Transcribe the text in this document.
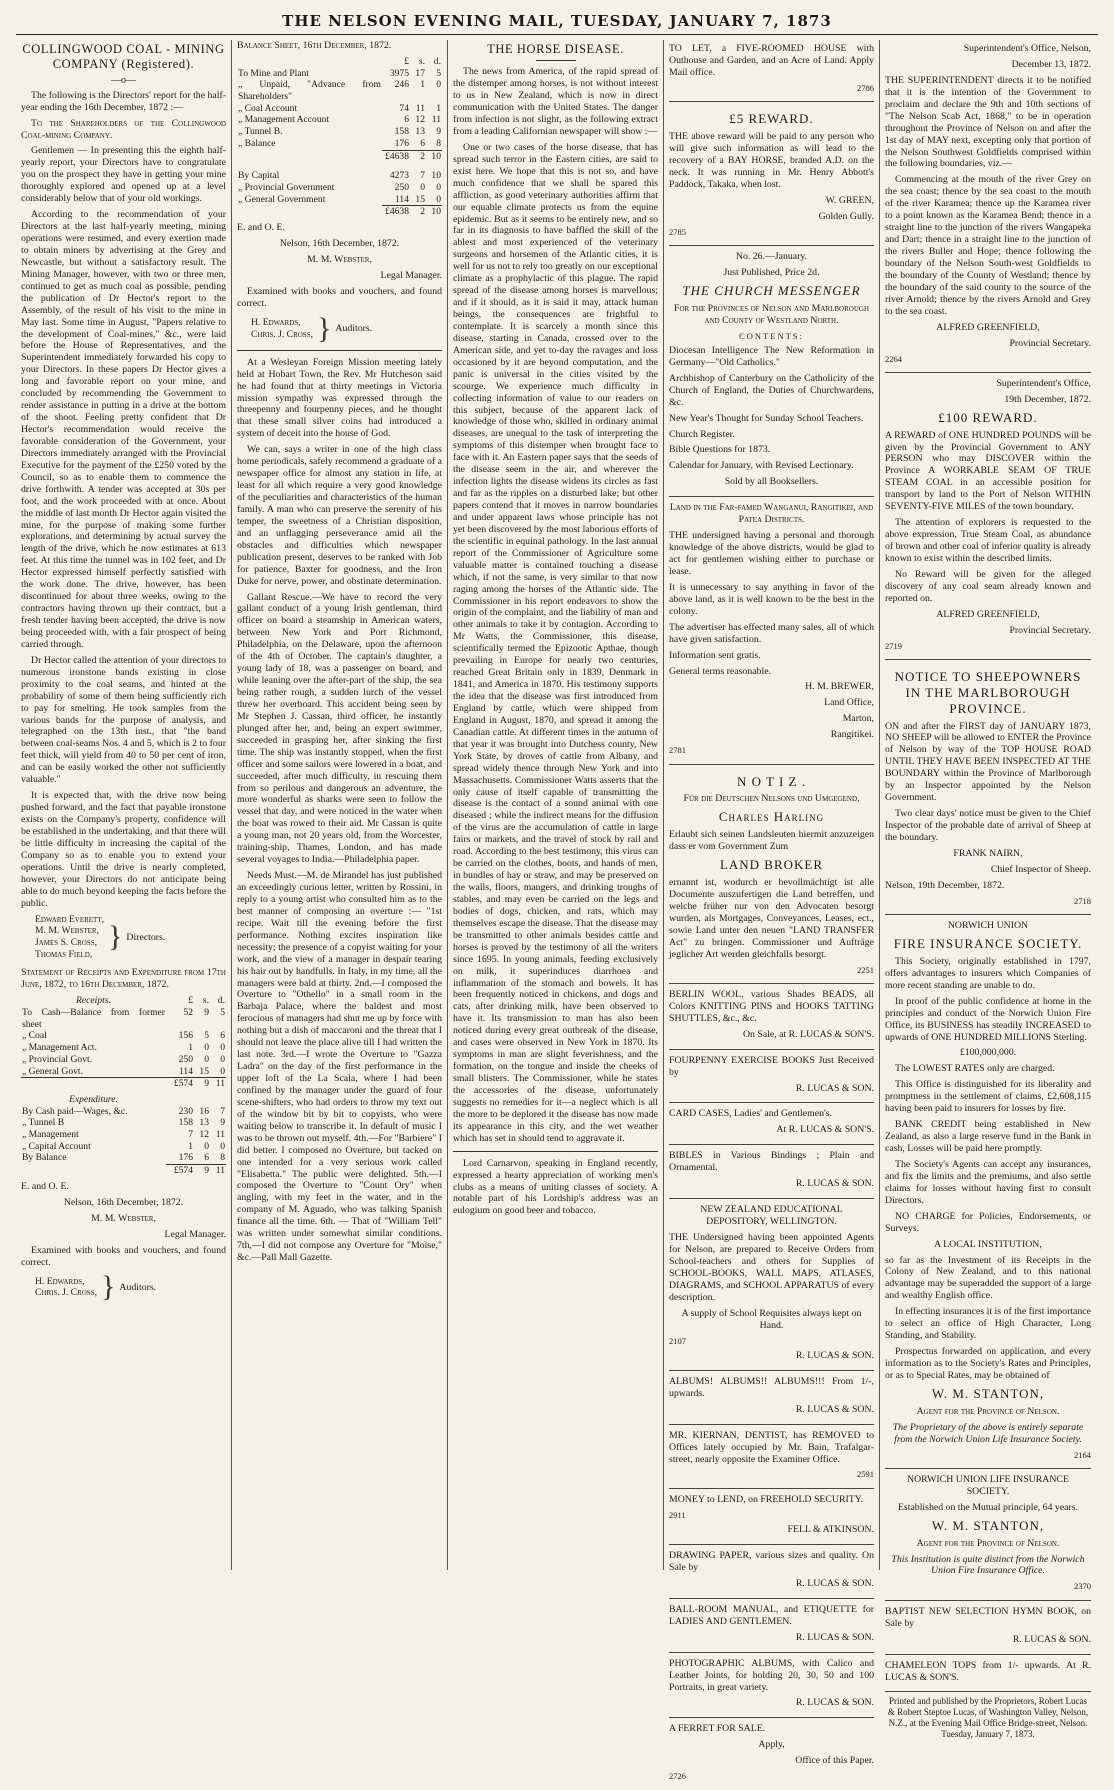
THE NELSON EVENING MAIL, TUESDAY, JANUARY 7, 1873
COLLINGWOOD COAL - MINING COMPANY (Registered).
—o—

The following is the Directors' report for the half-year ending the 16th December, 1872 :—

To the Shareholders of the Collingwood Coal-mining Company.

Gentlemen — In presenting this the eighth half-yearly report, your Directors have to congratulate you on the prospect they have in getting your mine thoroughly explored and opened up at a level considerably below that of your old workings.

According to the recommendation of your Directors at the last half-yearly meeting, mining operations were resumed, and every exertion made to obtain miners by advertising at the Grey and Newcastle, but without a satisfactory result. The Mining Manager, however, with two or three men, continued to get as much coal as possible, pending the publication of Dr Hector's report to the Assembly, of the result of his visit to the mine in May last. Some time in August, "Papers relative to the development of Coal-mines," &c., were laid before the House of Representatives, and the Superintendent immediately forwarded his copy to your Directors. In these papers Dr Hector gives a long and favorable report on your mine, and concluded by recommending the Government to render assistance in putting in a drive at the bottom of the shoot. Feeling pretty confident that Dr Hector's recommendation would receive the favorable consideration of the Government, your Directors immediately arranged with the Provincial Executive for the payment of the £250 voted by the Council, so as to enable them to commence the drive forthwith. A tender was accepted at 30s per foot, and the work proceeded with at once. About the middle of last month Dr Hector again visited the mine, for the purpose of making some further explorations, and determining by actual survey the length of the drive, which he now estimates at 613 feet. At this time the tunnel was in 102 feet, and Dr Hector expressed himself perfectly satisfied with the work done. The drive, however, has been discontinued for about three weeks, owing to the contractors having thrown up their contract, but a fresh tender having been accepted, the drive is now being proceeded with, with a fair prospect of being carried through.

Dr Hector called the attention of your directors to numerous ironstone bands existing in close proximity to the coal seams, and hinted at the probability of some of them being sufficiently rich to pay for smelting. He took samples from the various bands for the purpose of analysis, and telegraphed on the 13th inst., that "the band between coal-seams Nos. 4 and 5, which is 2 to four feet thick, will yield from 40 to 50 per cent of iron, and can be easily worked the other not sufficiently valuable."

It is expected that, with the drive now being pushed forward, and the fact that payable ironstone exists on the Company's property, confidence will be established in the undertaking, and that there will be little difficulty in increasing the capital of the Company so as to enable you to extend your operations. Until the drive is nearly completed, however, your Directors do not anticipate being able to do much beyond keeping the facts before the public.

Edward Everett,
M. M. Webster,
James S. Cross,
Thomas Field,
} Directors.

Statement of Receipts and Expenditure from 17th June, 1872, to 16th December, 1872.

Receipts.	£	s.	d.
To Cash—Balance from former sheet	52	9	5
„ Coal	156	5	6
„ Management Act.	1	0	0
„ Provincial Govt.	250	0	0
„ General Govt.	114	15	0
	£574	9	11
Expenditure.			
By Cash paid—Wages, &c.	230	16	7
„ Tunnel B	158	13	9
„ Management	7	12	11
„ Capital Account	1	0	0
By Balance	176	6	8
	£574	9	11

E. and O. E.

Nelson, 16th December, 1872.

M. M. Webster,

Legal Manager.

Examined with books and vouchers, and found correct.

H. Edwards,
Chris. J. Cross, } Auditors.

Balance Sheet, 16th December, 1872.

	£	s.	d.
To Mine and Plant	3975	17	5
„ Unpaid, "Advance from Shareholders"	246	1	0
„ Coal Account	74	11	1
„ Management Account	6	12	11
„ Tunnel B.	158	13	9
„ Balance	176	6	8
	£4638	2	10

By Capital	4273	7	10
„ Provincial Government	250	0	0
„ General Government	114	15	0
	£4638	2	10

E. and O. E.

Nelson, 16th December, 1872.

M. M. Webster,

Legal Manager.

Examined with books and vouchers, and found correct.

H. Edwards,
Chris. J. Cross, } Auditors.

At a Wesleyan Foreign Mission meeting lately held at Hobart Town, the Rev. Mr Hutcheson said he had found that at thirty meetings in Victoria mission sympathy was expressed through the threepenny and fourpenny pieces, and he thought that these small silver coins had introduced a system of deceit into the house of God.

We can, says a writer in one of the high class home periodicals, safely recommend a graduate of a newspaper office for almost any station in life, at least for all which require a very good knowledge of the peculiarities and characteristics of the human family. A man who can preserve the serenity of his temper, the sweetness of a Christian disposition, and an unflagging perseverance amid all the obstacles and difficulties which newspaper publication present, deserves to be ranked with Job for patience, Baxter for goodness, and the Iron Duke for nerve, power, and obstinate determination.

Gallant Rescue.—We have to record the very gallant conduct of a young Irish gentleman, third officer on board a steamship in American waters, between New York and Port Richmond, Philadelphia, on the Delaware, upon the afternoon of the 4th of October. The captain's daughter, a young lady of 18, was a passenger on board, and while leaning over the after-part of the ship, the sea being rather rough, a sudden lurch of the vessel threw her overboard. This accident being seen by Mr Stephen J. Cassan, third officer, he instantly plunged after her, and, being an expert swimmer, succeeded in grasping her, after sinking the first time. The ship was instantly stopped, when the first officer and some sailors were lowered in a boat, and succeeded, after much difficulty, in rescuing them from so perilous and dangerous an adventure, the more wonderful as sharks were seen to follow the vessel that day, and were noticed in the water when the boat was rowed to their aid. Mr Cassan is quite a young man, not 20 years old, from the Worcester, training-ship, Thames, London, and has made several voyages to India.—Philadelphia paper.

Needs Must.—M. de Mirandel has just published an exceedingly curious letter, written by Rossini, in reply to a young artist who consulted him as to the best manner of composing an overture :— "1st recipe. Wait till the evening before the first performance. Nothing excites inspiration like necessity; the presence of a copyist waiting for your work, and the view of a manager in despair tearing his hair out by handfulls. In Italy, in my time, all the managers were bald at thirty. 2nd.—I composed the Overture to "Othello" in a small room in the Barbaja Palace, where the baldest and most ferocious of managers had shut me up by force with nothing but a dish of maccaroni and the threat that I should not leave the place alive till I had written the last note. 3rd.—I wrote the Overture to "Gazza Ladra" on the day of the first performance in the upper loft of the La Scala, where I had been confined by the manager under the guard of four scene-shifters, who had orders to throw my text out of the window bit by bit to copyists, who were waiting below to transcribe it. In default of music I was to be thrown out myself. 4th.—For "Barbiere" I did better. I composed no Overture, but tacked on one intended for a very serious work called "Elisabetta." The public were delighted. 5th.—I composed the Overture to "Count Ory" when angling, with my feet in the water, and in the company of M. Aguado, who was talking Spanish finance all the time. 6th. — That of "William Tell" was written under somewhat similar conditions. 7th,—I did not compose any Overture for "Moïse," &c.—Pall Mall Gazette.

THE HORSE DISEASE.

The news from America, of the rapid spread of the distemper among horses, is not without interest to us in New Zealand, which is now in direct communication with the United States. The danger from infection is not slight, as the following extract from a leading Californian newspaper will show :—

One or two cases of the horse disease, that has spread such terror in the Eastern cities, are said to exist here. We hope that this is not so, and have much confidence that we shall be spared this affliction, as good veterinary authorities affirm that our equable climate protects us from the equine epidemic. But as it seems to be entirely new, and so far in its diagnosis to have baffled the skill of the ablest and most experienced of the veterinary surgeons and horsemen of the Atlantic cities, it is well for us not to rely too greatly on our exceptional climate as a prophylactic of this plague. The rapid spread of the disease among horses is marvellous; and if it should, as it is said it may, attack human beings, the consequences are frightful to contemplate. It is scarcely a month since this disease, starting in Canada, crossed over to the American side, and yet to-day the ravages and loss occasioned by it are beyond computation, and the panic is universal in the cities visited by the scourge. We experience much difficulty in collecting information of value to our readers on this subject, because of the apparent lack of knowledge of those who, skilled in ordinary animal diseases, are unequal to the task of interpreting the symptoms of this distemper when brought face to face with it. An Eastern paper says that the seeds of the disease seem in the air, and wherever the infection lights the disease widens its circles as fast and far as the ripples on a disturbed lake; but other papers contend that it moves in narrow boundaries and under apparent laws whose principle has not yet been discovered by the most laborious efforts of the scientific in equinal pathology. In the last annual report of the Commissioner of Agriculture some valuable matter is contained touching a disease which, if not the same, is very similar to that now raging among the horses of the Atlantic side. The Commissioner in his report endeavors to show the origin of the complaint, and the liability of man and other animals to take it by contagion. According to Mr Watts, the Commissioner, this disease, scientifically termed the Epizootic Apthae, though prevailing in Europe for nearly two centuries, reached Great Britain only in 1839, Denmark in 1841, and America in 1870. His testimony supports the idea that the disease was first introduced from England by cattle, which were shipped from England in August, 1870, and spread it among the Canadian cattle. At different times in the autumn of that year it was brought into Dutchess county, New York State, by droves of cattle from Albany, and spread widely thence through New York and into Massachusetts. Commissioner Watts asserts that the only cause of itself capable of transmitting the disease is the contact of a sound animal with one diseased ; while the indirect means for the diffusion of the virus are the accumulation of cattle in large fairs or markets, and the travel of stock by rail and road. According to the best testimony, this virus can be carried on the clothes, boots, and hands of men, in bundles of hay or straw, and may be preserved on the walls, floors, mangers, and drinking troughs of stables, and may even be carried on the legs and bodies of dogs, chicken, and rats, which may themselves escape the disease. That the disease may be transmitted to other animals besides cattle and horses is proved by the testimony of all the writers since 1695. In young animals, feeding exclusively on milk, it superinduces diarrhoea and inflammation of the stomach and bowels. It has been frequently noticed in chickens, and dogs and cats, after drinking milk, have been observed to have it. Its transmission to man has also been noticed during every great outbreak of the disease, and cases were observed in New York in 1870. Its symptoms in man are slight feverishness, and the formation, on the tongue and inside the cheeks of small blisters. The Commissioner, while he states the accessories of the disease, unfortunately suggests no remedies for it—a neglect which is all the more to be deplored it the disease has now made its appearance in this city, and the wet weather which has set in should tend to aggravate it.

Lord Carnarvon, speaking in England recently, expressed a hearty appreciation of working men's clubs as a means of uniting classes of society. A notable part of his Lordship's address was an eulogium on good beer and tobacco.

TO LET, a FIVE-ROOMED HOUSE with Outhouse and Garden, and an Acre of Land. Apply Mail office.

2786

£5 REWARD.

THE above reward will be paid to any person who will give such information as will lead to the recovery of a BAY HORSE, branded A.D. on the neck. It was running in Mr. Henry Abbott's Paddock, Takaka, when lost.

W. GREEN,

Golden Gully.

2785

No. 26.—January.

Just Published, Price 2d.

THE CHURCH MESSENGER

For the Provinces of Nelson and Marlborough and County of Westland North.

CONTENTS:

Diocesan Intelligence The New Reformation in Germany—"Old Catholics."

Archbishop of Canterbury on the Catholicity of the Church of England, the Duties of Churchwardens, &c.

New Year's Thought for Sunday School Teachers.

Church Register.

Bible Questions for 1873.

Calendar for January, with Revised Lectionary.

Sold by all Booksellers.

Land in the Far-famed Wanganui, Rangitikei, and Patea Districts.

THE undersigned having a personal and thorough knowledge of the above districts, would be glad to act for gentlemen wishing either to purchase or lease.

It is unnecessary to say anything in favor of the above land, as it is well known to be the best in the colony.

The advertiser has effected many sales, all of which have given satisfaction.

Information sent gratis.

General terms reasonable.

H. M. BREWER,

Land Office,

Marton,

Rangitikei.

2781

N O T I Z .

Für die Deutschen Nelsons und Umgegend,

Charles Harling

Erlaubt sich seinen Landsleuten hiermit anzuzeigen dass er vom Government Zum

LAND BROKER

ernannt ist, wodurch er bevollmächtigt ist alle Documente auszufertigen die Land betreffen, und welche früher nur von den Advocaten besorgt wurden, als Mortgages, Conveyances, Leases, ect., sowie Land unter den neuen "LAND TRANSFER Act" zu bringen. Commissioner und Aufträge jeglicher Art werden gleichfalls besorgt.

2251

BERLIN WOOL, various Shades BEADS, all Colors KNITTING PINS and HOOKS TATTING SHUTTLES, &c., &c.

On Sale, at R. LUCAS & SON'S.

FOURPENNY EXERCISE BOOKS Just Received by

R. LUCAS & SON.

CARD CASES, Ladies' and Gentlemen's.

At R. LUCAS & SON'S.

BIBLES in Various Bindings ; Plain and Ornamental.

R. LUCAS & SON.

NEW ZEALAND EDUCATIONAL DEPOSITORY, WELLINGTON.

THE Undersigned having been appointed Agents for Nelson, are prepared to Receive Orders from School-teachers and others for Supplies of SCHOOL-BOOKS, WALL MAPS, ATLASES, DIAGRAMS, and SCHOOL APPARATUS of every description.

A supply of School Requisites always kept on Hand.

2107

R. LUCAS & SON.

ALBUMS! ALBUMS!! ALBUMS!!! From 1/-, upwards.

R. LUCAS & SON.

MR. KIERNAN, DENTIST, has REMOVED to Offices lately occupied by Mr. Bain, Trafalgar-street, nearly opposite the Examiner Office.

2591

MONEY to LEND, on FREEHOLD SECURITY.

2911

FELL & ATKINSON.

DRAWING PAPER, various sizes and quality. On Sale by

R. LUCAS & SON.

BALL-ROOM MANUAL, and ETIQUETTE for LADIES AND GENTLEMEN.

R. LUCAS & SON.

PHOTOGRAPHIC ALBUMS, with Calico and Leather Joints, for holding 20, 30, 50 and 100 Portraits, in great variety.

R. LUCAS & SON.

A FERRET FOR SALE.

Apply,

Office of this Paper.

2726

Superintendent's Office, Nelson,

December 13, 1872.

THE SUPERINTENDENT directs it to be notified that it is the intention of the Government to proclaim and declare the 9th and 10th sections of "The Nelson Scab Act, 1868," to be in operation throughout the Province of Nelson on and after the 1st day of MAY next, excepting only that portion of the Nelson Southwest Goldfields comprised within the following boundaries, viz.—

Commencing at the mouth of the river Grey on the sea coast; thence by the sea coast to the mouth of the river Karamea; thence up the Karamea river to a point known as the Karamea Bend; thence in a straight line to the junction of the rivers Wangapeka and Dart; thence in a straight line to the junction of the rivers Buller and Hope; thence following the boundary of the Nelson South-west Goldfields to the boundary of the County of Westland; thence by the boundary of the said county to the source of the river Arnold; thence by the rivers Arnold and Grey to the sea coast.

ALFRED GREENFIELD,

Provincial Secretary.

2264

Superintendent's Office,

19th December, 1872.

£100 REWARD.

A REWARD of ONE HUNDRED POUNDS will be given by the Provincial Government to ANY PERSON who may DISCOVER within the Province A WORKABLE SEAM OF TRUE STEAM COAL in an accessible position for transport by land to the Port of Nelson WITHIN SEVENTY-FIVE MILES of the town boundary.

The attention of explorers is requested to the above expression, True Steam Coal, as abundance of brown and other coal of inferior quality is already known to exist within the described limits.

No Reward will be given for the alleged discovery of any coal seam already known and reported on.

ALFRED GREENFIELD,

Provincial Secretary.

2719

NOTICE TO SHEEPOWNERS IN THE MARLBOROUGH PROVINCE.

ON and after the FIRST day of JANUARY 1873, NO SHEEP will be allowed to ENTER the Province of Nelson by way of the TOP HOUSE ROAD UNTIL THEY HAVE BEEN INSPECTED AT THE BOUNDARY within the Province of Marlborough by an Inspector appointed by the Nelson Government.

Two clear days' notice must be given to the Chief Inspector of the probable date of arrival of Sheep at the boundary.

FRANK NAIRN,

Chief Inspector of Sheep.

Nelson, 19th December, 1872.

2718

NORWICH UNION

FIRE INSURANCE SOCIETY.

This Society, originally established in 1797, offers advantages to insurers which Companies of more recent standing are unable to do.

In proof of the public confidence at home in the principles and conduct of the Norwich Union Fire Office, its BUSINESS has steadily INCREASED to upwards of ONE HUNDRED MILLIONS Sterling.

£100,000,000.

The LOWEST RATES only are charged.

This Office is distinguished for its liberality and promptness in the settlement of claims, £2,608,115 having been paid to insurers for losses by fire.

BANK CREDIT being established in New Zealand, as also a large reserve fund in the Bank in cash, Losses will be paid here promptly.

The Society's Agents can accept any insurances, and fix the limits and the premiums, and also settle claims for losses without having first to consult Directors.

NO CHARGE for Policies, Endorsements, or Surveys.

A LOCAL INSTITUTION,

so far as the Investment of its Receipts in the Colony of New Zealand, and to this national advantage may be superadded the support of a large and wealthy English office.

In effecting insurances it is of the first importance to select an office of High Character, Long Standing, and Stability.

Prospectus forwarded on application, and every information as to the Society's Rates and Principles, or as to Special Rates, may be obtained of

W. M. STANTON,

Agent for the Province of Nelson.

The Proprietary of the above is entirely separate from the Norwich Union Life Insurance Society.

2164

NORWICH UNION LIFE INSURANCE SOCIETY.

Established on the Mutual principle, 64 years.

W. M. STANTON,

Agent for the Province of Nelson.

This Institution is quite distinct from the Norwich Union Fire Insurance Office.

2370

BAPTIST NEW SELECTION HYMN BOOK, on Sale by

R. LUCAS & SON.

CHAMELEON TOPS from 1/- upwards. At R. LUCAS & SON'S.

Printed and published by the Proprietors, Robert Lucas & Robert Steptoe Lucas, of Washington Valley, Nelson, N.Z., at the Evening Mail Office Bridge-street, Nelson. Tuesday, January 7, 1873.
